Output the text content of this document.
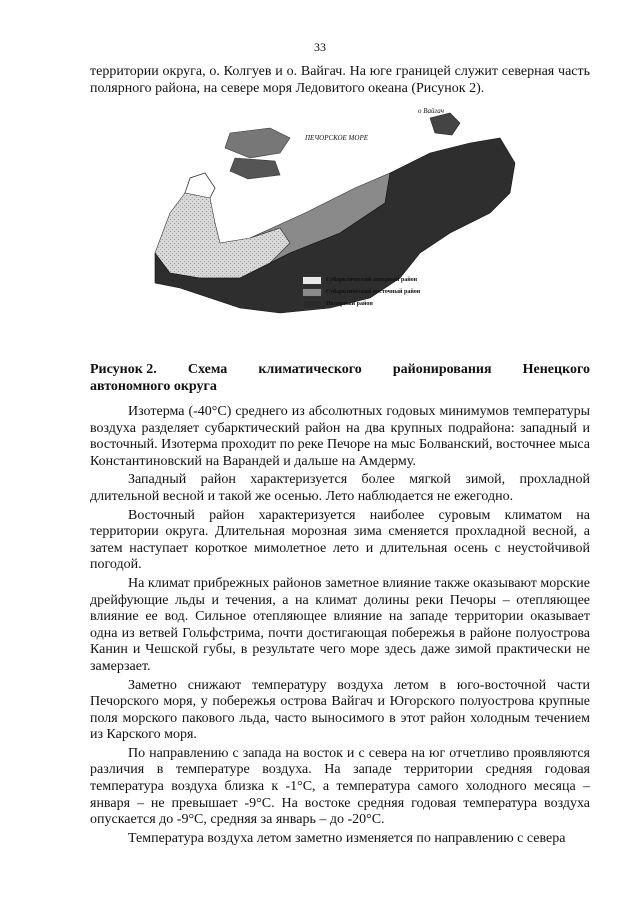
33

территории округа, о. Колгуев и о. Вайгач. На юге границей служит северная часть полярного района, на севере моря Ледовитого океана (Рисунок 2).

ПЕЧОРСКОЕ МОРЕ
о Вайгач
Субарктический западный район
Субарктический восточный район
Полярный район
Рисунок 2. Схема климатического районирования Ненецкого
автономного округа

Изотерма (-40°С) среднего из абсолютных годовых минимумов температуры воздуха разделяет субарктический район на два крупных подрайона: западный и восточный. Изотерма проходит по реке Печоре на мыс Болванский, восточнее мыса Константиновский на Варандей и дальше на Амдерму.

Западный район характеризуется более мягкой зимой, прохладной длительной весной и такой же осенью. Лето наблюдается не ежегодно.

Восточный район характеризуется наиболее суровым климатом на территории округа. Длительная морозная зима сменяется прохладной весной, а затем наступает короткое мимолетное лето и длительная осень с неустойчивой погодой.

На климат прибрежных районов заметное влияние также оказывают морские дрейфующие льды и течения, а на климат долины реки Печоры – отепляющее влияние ее вод. Сильное отепляющее влияние на западе территории оказывает одна из ветвей Гольфстрима, почти достигающая побережья в районе полуострова Канин и Чешской губы, в результате чего море здесь даже зимой практически не замерзает.

Заметно снижают температуру воздуха летом в юго-восточной части Печорского моря, у побережья острова Вайгач и Югорского полуострова крупные поля морского пакового льда, часто выносимого в этот район холодным течением из Карского моря.

По направлению с запада на восток и с севера на юг отчетливо проявляются различия в температуре воздуха. На западе территории средняя годовая температура воздуха близка к -1°С, а температура самого холодного месяца – января – не превышает -9°С. На востоке средняя годовая температура воздуха опускается до -9°С, средняя за январь – до -20°С.

Температура воздуха летом заметно изменяется по направлению с севера
